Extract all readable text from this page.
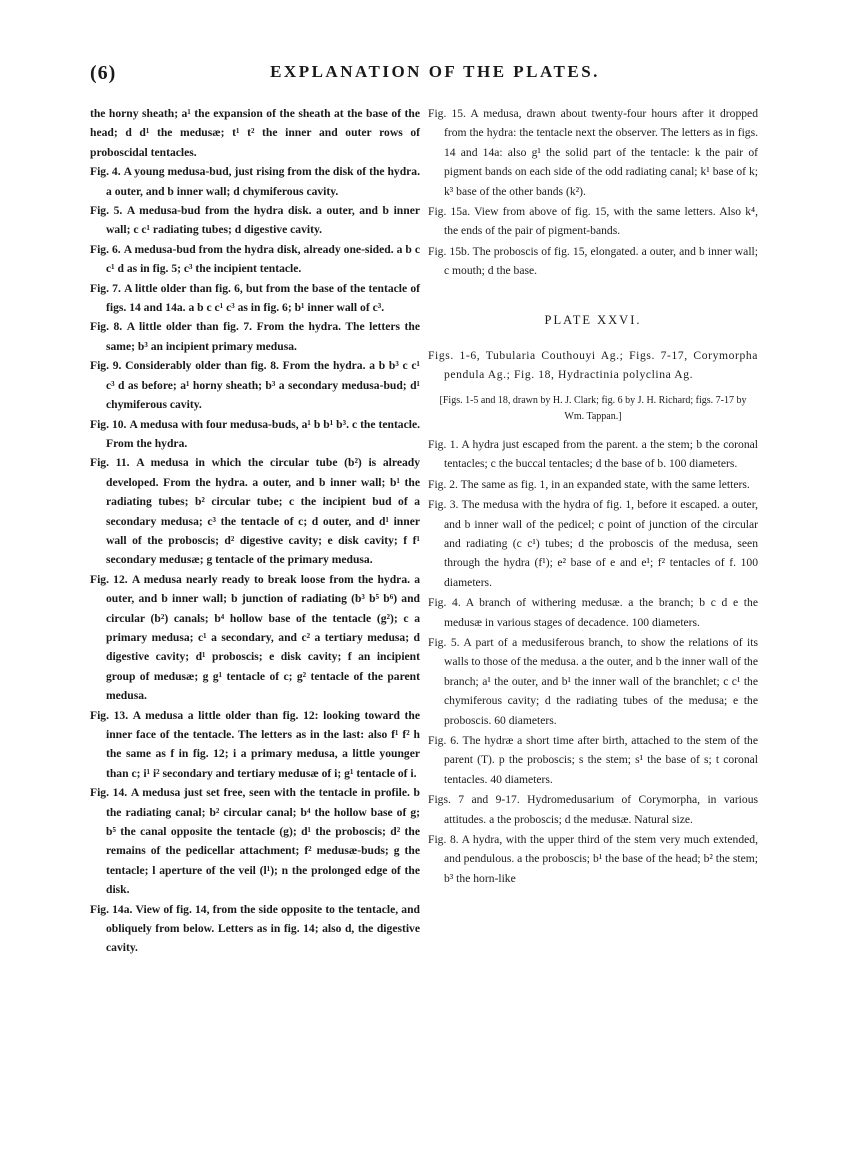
(6)	EXPLANATION OF THE PLATES.
the horny sheath; a¹ the expansion of the sheath at the base of the head; d d¹ the medusæ; t¹ t² the inner and outer rows of proboscidal tentacles.
Fig. 4. A young medusa-bud, just rising from the disk of the hydra. a outer, and b inner wall; d chymiferous cavity.
Fig. 5. A medusa-bud from the hydra disk. a outer, and b inner wall; c c¹ radiating tubes; d digestive cavity.
Fig. 6. A medusa-bud from the hydra disk, already one-sided. a b c c¹ d as in fig. 5; c³ the incipient tentacle.
Fig. 7. A little older than fig. 6, but from the base of the tentacle of figs. 14 and 14a. a b c c¹ c³ as in fig. 6; b¹ inner wall of c³.
Fig. 8. A little older than fig. 7. From the hydra. The letters the same; b³ an incipient primary medusa.
Fig. 9. Considerably older than fig. 8. From the hydra. a b b³ c c¹ c³ d as before; a¹ horny sheath; b³ a secondary medusa-bud; d¹ chymiferous cavity.
Fig. 10. A medusa with four medusa-buds, a¹ b b¹ b³. c the tentacle. From the hydra.
Fig. 11. A medusa in which the circular tube (b²) is already developed. From the hydra. a outer, and b inner wall; b¹ the radiating tubes; b² circular tube; c the incipient bud of a secondary medusa; c³ the tentacle of c; d outer, and d¹ inner wall of the proboscis; d² digestive cavity; e disk cavity; f f¹ secondary medusæ; g tentacle of the primary medusa.
Fig. 12. A medusa nearly ready to break loose from the hydra. a outer, and b inner wall; b junction of radiating (b³ b⁵ b⁶) and circular (b²) canals; b⁴ hollow base of the tentacle (g²); c a primary medusa; c¹ a secondary, and c² a tertiary medusa; d digestive cavity; d¹ proboscis; e disk cavity; f an incipient group of medusæ; g g¹ tentacle of c; g² tentacle of the parent medusa.
Fig. 13. A medusa a little older than fig. 12: looking toward the inner face of the tentacle. The letters as in the last: also f¹ f² h the same as f in fig. 12; i a primary medusa, a little younger than c; i¹ i² secondary and tertiary medusæ of i; g¹ tentacle of i.
Fig. 14. A medusa just set free, seen with the tentacle in profile. b the radiating canal; b² circular canal; b⁴ the hollow base of g; b⁵ the canal opposite the tentacle (g); d¹ the proboscis; d² the remains of the pedicellar attachment; f² medusæ-buds; g the tentacle; l aperture of the veil (l¹); n the prolonged edge of the disk.
Fig. 14a. View of fig. 14, from the side opposite to the tentacle, and obliquely from below. Letters as in fig. 14; also d, the digestive cavity.
Fig. 15. A medusa, drawn about twenty-four hours after it dropped from the hydra: the tentacle next the observer. The letters as in figs. 14 and 14a: also g¹ the solid part of the tentacle: k the pair of pigment bands on each side of the odd radiating canal; k¹ base of k; k³ base of the other bands (k²).
Fig. 15a. View from above of fig. 15, with the same letters. Also k⁴, the ends of the pair of pigment-bands.
Fig. 15b. The proboscis of fig. 15, elongated. a outer, and b inner wall; c mouth; d the base.
PLATE XXVI.
Figs. 1-6, Tubularia Couthouyi Ag.; Figs. 7-17, Corymorpha pendula Ag.; Fig. 18, Hydractinia polyclina Ag.
[Figs. 1-5 and 18, drawn by H. J. Clark; fig. 6 by J. H. Richard; figs. 7-17 by Wm. Tappan.]
Fig. 1. A hydra just escaped from the parent. a the stem; b the coronal tentacles; c the buccal tentacles; d the base of b. 100 diameters.
Fig. 2. The same as fig. 1, in an expanded state, with the same letters.
Fig. 3. The medusa with the hydra of fig. 1, before it escaped. a outer, and b inner wall of the pedicel; c point of junction of the circular and radiating (c c¹) tubes; d the proboscis of the medusa, seen through the hydra (f¹); e² base of e and e¹; f² tentacles of f. 100 diameters.
Fig. 4. A branch of withering medusæ. a the branch; b c d e the medusæ in various stages of decadence. 100 diameters.
Fig. 5. A part of a medusiferous branch, to show the relations of its walls to those of the medusa. a the outer, and b the inner wall of the branch; a¹ the outer, and b¹ the inner wall of the branchlet; c c¹ the chymiferous cavity; d the radiating tubes of the medusa; e the proboscis. 60 diameters.
Fig. 6. The hydræ a short time after birth, attached to the stem of the parent (T). p the proboscis; s the stem; s¹ the base of s; t coronal tentacles. 40 diameters.
Figs. 7 and 9-17. Hydromedusarium of Corymorpha, in various attitudes. a the proboscis; d the medusæ. Natural size.
Fig. 8. A hydra, with the upper third of the stem very much extended, and pendulous. a the proboscis; b¹ the base of the head; b² the stem; b³ the horn-like
